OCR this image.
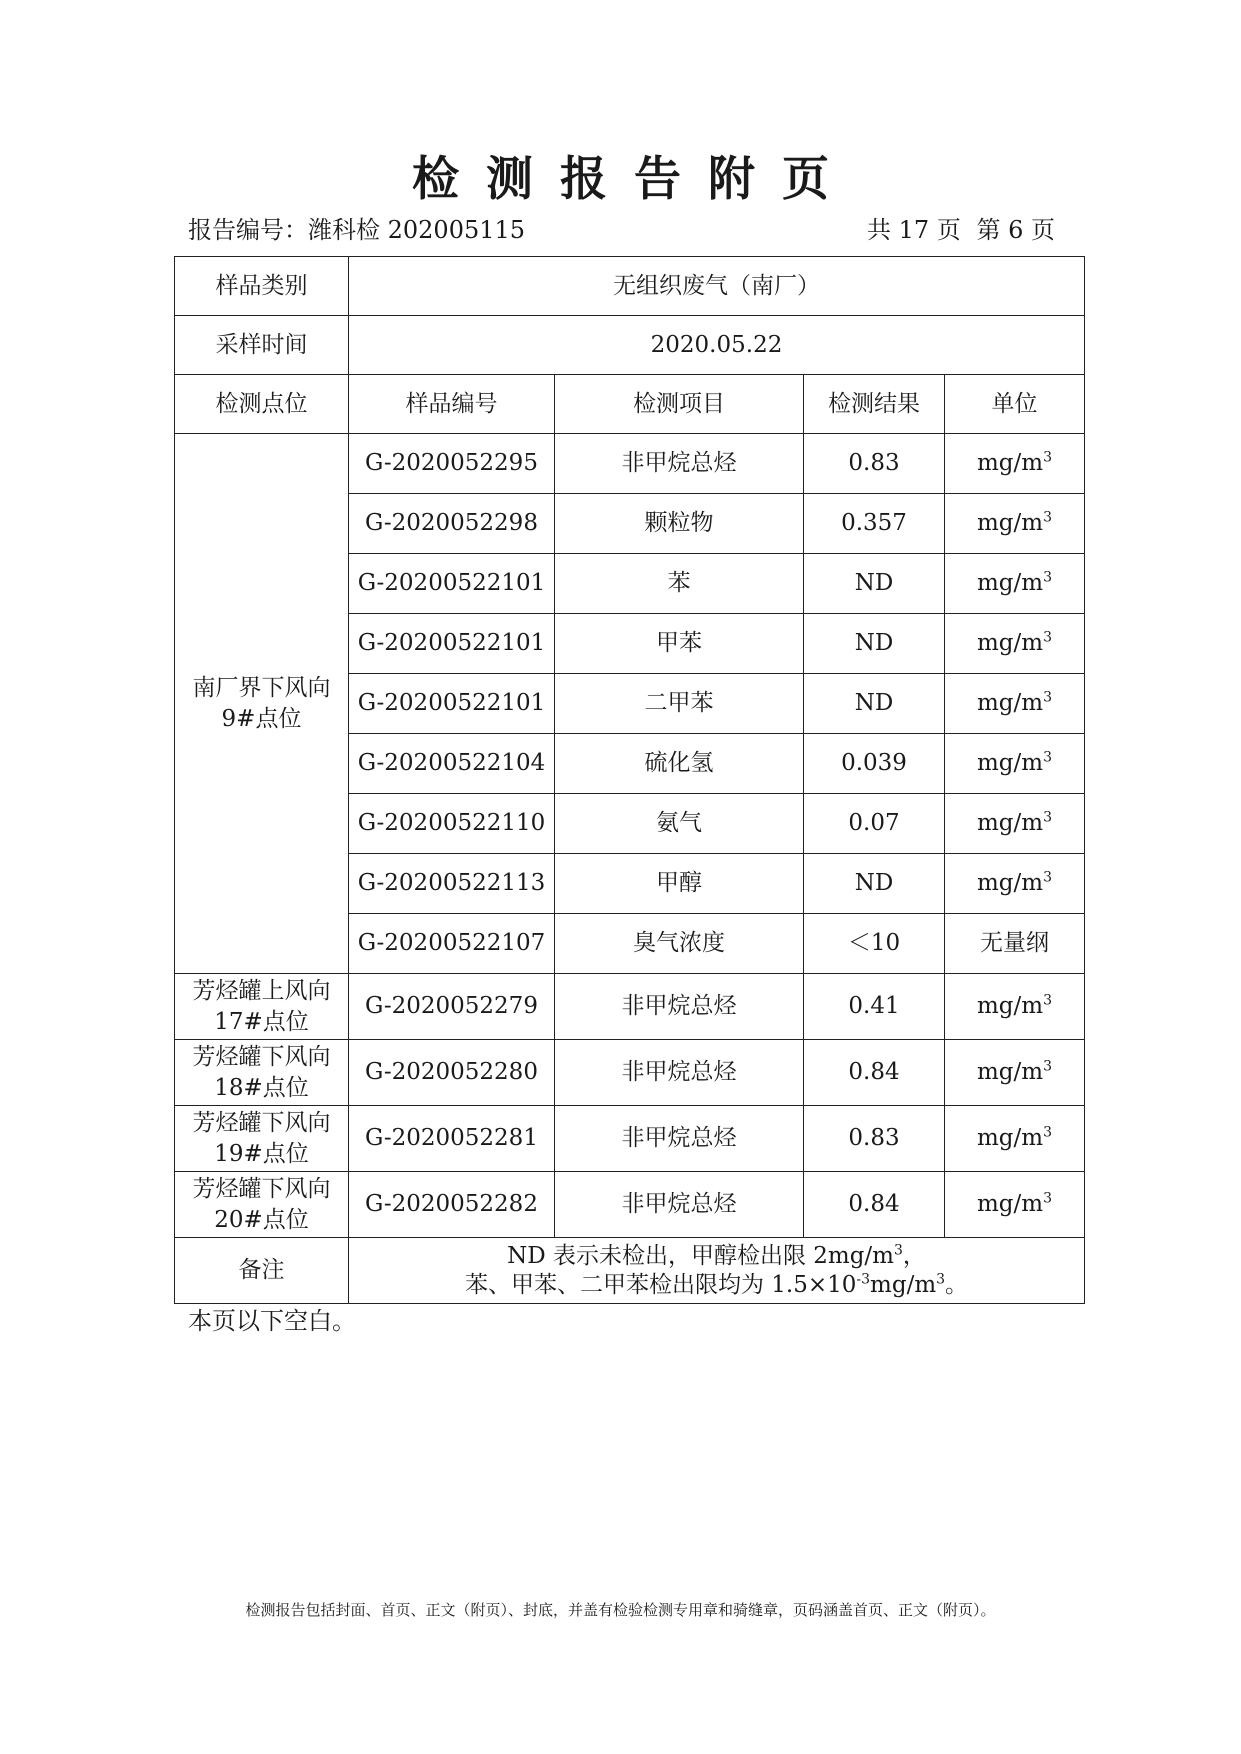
检测报告附页
报告编号：潍科检 202005115	共 17 页 第 6 页
样品类别	无组织废气（南厂）			
采样时间	2020.05.22			
检测点位	样品编号	检测项目	检测结果	单位
南厂界下风向
9#点位	G-2020052295	非甲烷总烃	0.83	$mg/m^3$
	G-2020052298	颗粒物	0.357	$mg/m^3$
	G-20200522101	苯	ND	$mg/m^3$
	G-20200522101	甲苯	ND	$mg/m^3$
	G-20200522101	二甲苯	ND	$mg/m^3$
	G-20200522104	硫化氢	0.039	$mg/m^3$
	G-20200522110	氨气	0.07	$mg/m^3$
	G-20200522113	甲醇	ND	$mg/m^3$
	G-20200522107	臭气浓度	＜10	无量纲
芳烃罐上风向
17#点位	G-2020052279	非甲烷总烃	0.41	$mg/m^3$
芳烃罐下风向
18#点位	G-2020052280	非甲烷总烃	0.84	$mg/m^3$
芳烃罐下风向
19#点位	G-2020052281	非甲烷总烃	0.83	$mg/m^3$
芳烃罐下风向
20#点位	G-2020052282	非甲烷总烃	0.84	$mg/m^3$
备注	ND 表示未检出，甲醇检出限 $2mg/m^3$，
苯、甲苯、二甲苯检出限均为 $1.5\times 10^{-3}mg/m^3$。			
本页以下空白。
检测报告包括封面、首页、正文（附页）、封底，并盖有检验检测专用章和骑缝章，页码涵盖首页、正文（附页）。
